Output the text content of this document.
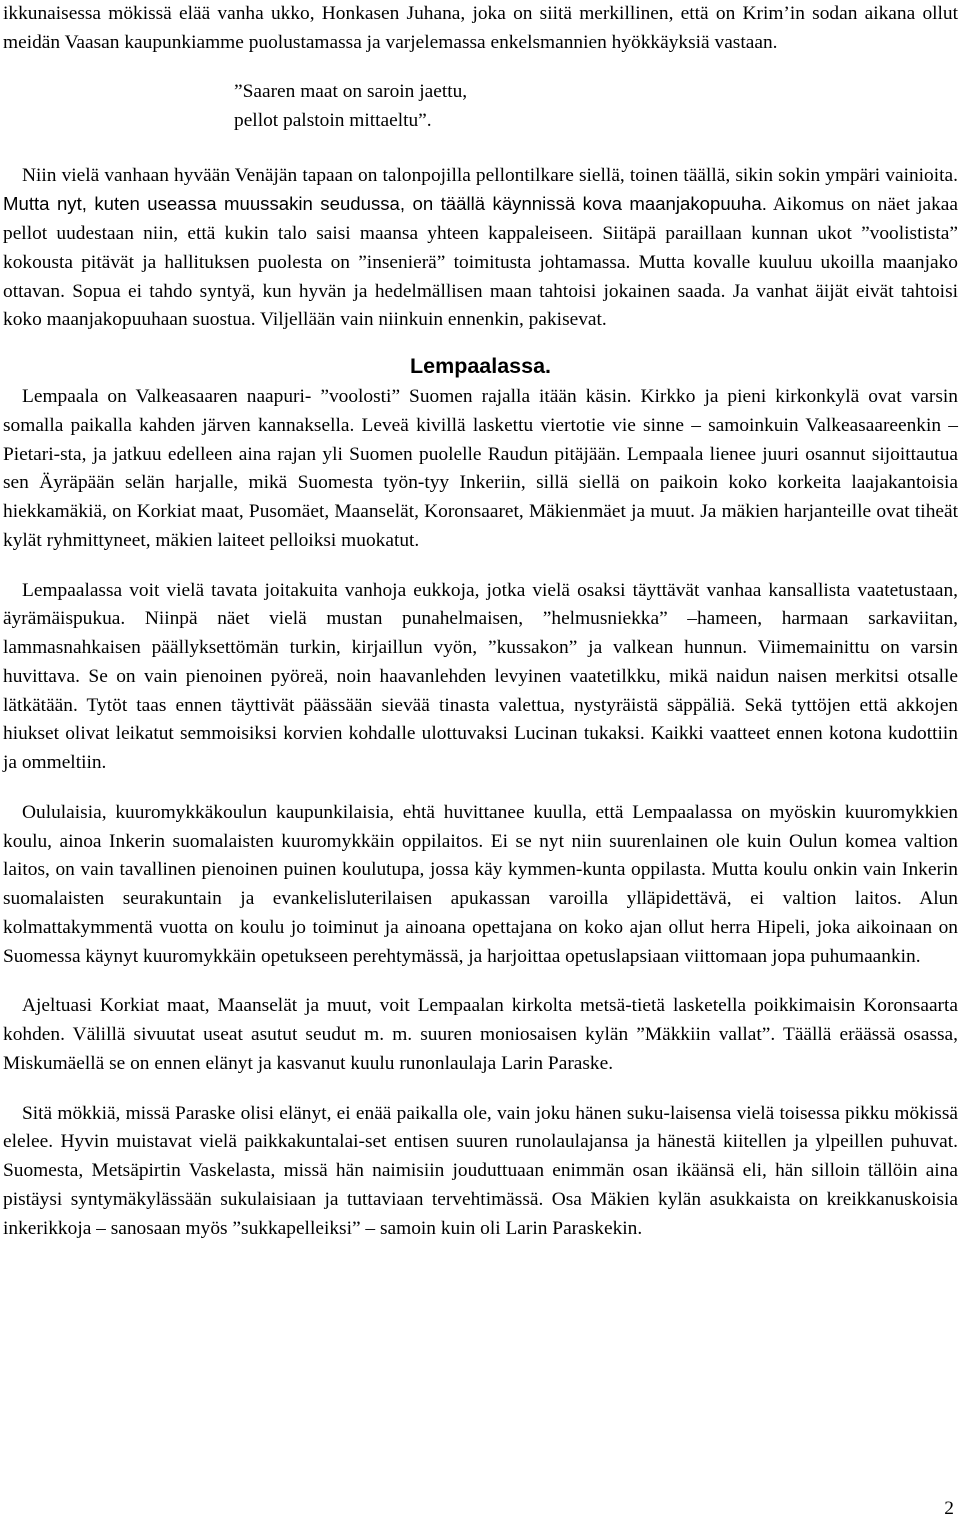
ikkunaisessa mökissä elää vanha ukko, Honkasen Juhana, joka on siitä merkillinen, että on Krim’in sodan aikana ollut meidän Vaasan kaupunkiamme puolustamassa ja varjelemassa enkelsmannien hyökkäyksiä vastaan.

”Saaren maat on saroin jaettu,
pellot palstoin mittaeltu”.

Niin vielä vanhaan hyvään Venäjän tapaan on talonpojilla pellontilkare siellä, toinen täällä, sikin sokin ympäri vainioita. Mutta nyt, kuten useassa muussakin seudussa, on täällä käynnissä kova maanjakopuuha. Aikomus on näet jakaa pellot uudestaan niin, että kukin talo saisi maansa yhteen kappaleiseen. Siitäpä paraillaan kunnan ukot ”voolistista” kokousta pitävät ja hallituksen puolesta on ”insenierä” toimitusta johtamassa. Mutta kovalle kuuluu ukoilla maanjako ottavan. Sopua ei tahdo syntyä, kun hyvän ja hedelmällisen maan tahtoisi jokainen saada. Ja vanhat äijät eivät tahtoisi koko maanjakopuuhaan suostua. Viljellään vain niinkuin ennenkin, pakisevat.

Lempaalassa.

Lempaala on Valkeasaaren naapuri- ”voolosti” Suomen rajalla itään käsin. Kirkko ja pieni kirkonkylä ovat varsin somalla paikalla kahden järven kannaksella. Leveä kivillä laskettu viertotie vie sinne – samoinkuin Valkeasaareenkin – Pietari-sta, ja jatkuu edelleen aina rajan yli Suomen puolelle Raudun pitäjään. Lempaala lienee juuri osannut sijoittautua sen Äyräpään selän harjalle, mikä Suomesta työn-tyy Inkeriin, sillä siellä on paikoin koko korkeita laajakantoisia hiekkamäkiä, on Korkiat maat, Pusomäet, Maanselät, Koronsaaret, Mäkienmäet ja muut. Ja mäkien harjanteille ovat tiheät kylät ryhmittyneet, mäkien laiteet pelloiksi muokatut.

Lempaalassa voit vielä tavata joitakuita vanhoja eukkoja, jotka vielä osaksi täyttävät vanhaa kansallista vaatetustaan, äyrämäispukua. Niinpä näet vielä mustan punahelmaisen, ”helmusniekka” –hameen, harmaan sarkaviitan, lammasnahkaisen päällyksettömän turkin, kirjaillun vyön, ”kussakon” ja valkean hunnun. Viimemainittu on varsin huvittava. Se on vain pienoinen pyöreä, noin haavanlehden levyinen vaatetilkku, mikä naidun naisen merkitsi otsalle lätkätään. Tytöt taas ennen täyttivät päässään sievää tinasta valettua, nystyräistä säppäliä. Sekä tyttöjen että akkojen hiukset olivat leikatut semmoisiksi korvien kohdalle ulottuvaksi Lucinan tukaksi. Kaikki vaatteet ennen kotona kudottiin ja ommeltiin.

Oululaisia, kuuromykkäkoulun kaupunkilaisia, ehtä huvittanee kuulla, että Lempaalassa on myöskin kuuromykkien koulu, ainoa Inkerin suomalaisten kuuromykkäin oppilaitos. Ei se nyt niin suurenlainen ole kuin Oulun komea valtion laitos, on vain tavallinen pienoinen puinen koulutupa, jossa käy kymmen-kunta oppilasta. Mutta koulu onkin vain Inkerin suomalaisten seurakuntain ja evankelisluterilaisen apukassan varoilla ylläpidettävä, ei valtion laitos. Alun kolmattakymmentä vuotta on koulu jo toiminut ja ainoana opettajana on koko ajan ollut herra Hipeli, joka aikoinaan on Suomessa käynyt kuuromykkäin opetukseen perehtymässä, ja harjoittaa opetuslapsiaan viittomaan jopa puhumaankin.

Ajeltuasi Korkiat maat, Maanselät ja muut, voit Lempaalan kirkolta metsä-tietä lasketella poikkimaisin Koronsaarta kohden. Välillä sivuutat useat asutut seudut m. m. suuren moniosaisen kylän ”Mäkkiin vallat”. Täällä eräässä osassa, Miskumäellä se on ennen elänyt ja kasvanut kuulu runonlaulaja Larin Paraske.

Sitä mökkiä, missä Paraske olisi elänyt, ei enää paikalla ole, vain joku hänen suku-laisensa vielä toisessa pikku mökissä elelee. Hyvin muistavat vielä paikkakuntalai-set entisen suuren runolaulajansa ja hänestä kiitellen ja ylpeillen puhuvat. Suomesta, Metsäpirtin Vaskelasta, missä hän naimisiin jouduttuaan enimmän osan ikäänsä eli, hän silloin tällöin aina pistäysi syntymäkylässään sukulaisiaan ja tuttaviaan tervehtimässä. Osa Mäkien kylän asukkaista on kreikkanuskoisia inkerikkoja – sanosaan myös ”sukkapelleiksi” – samoin kuin oli Larin Paraskekin.

2
